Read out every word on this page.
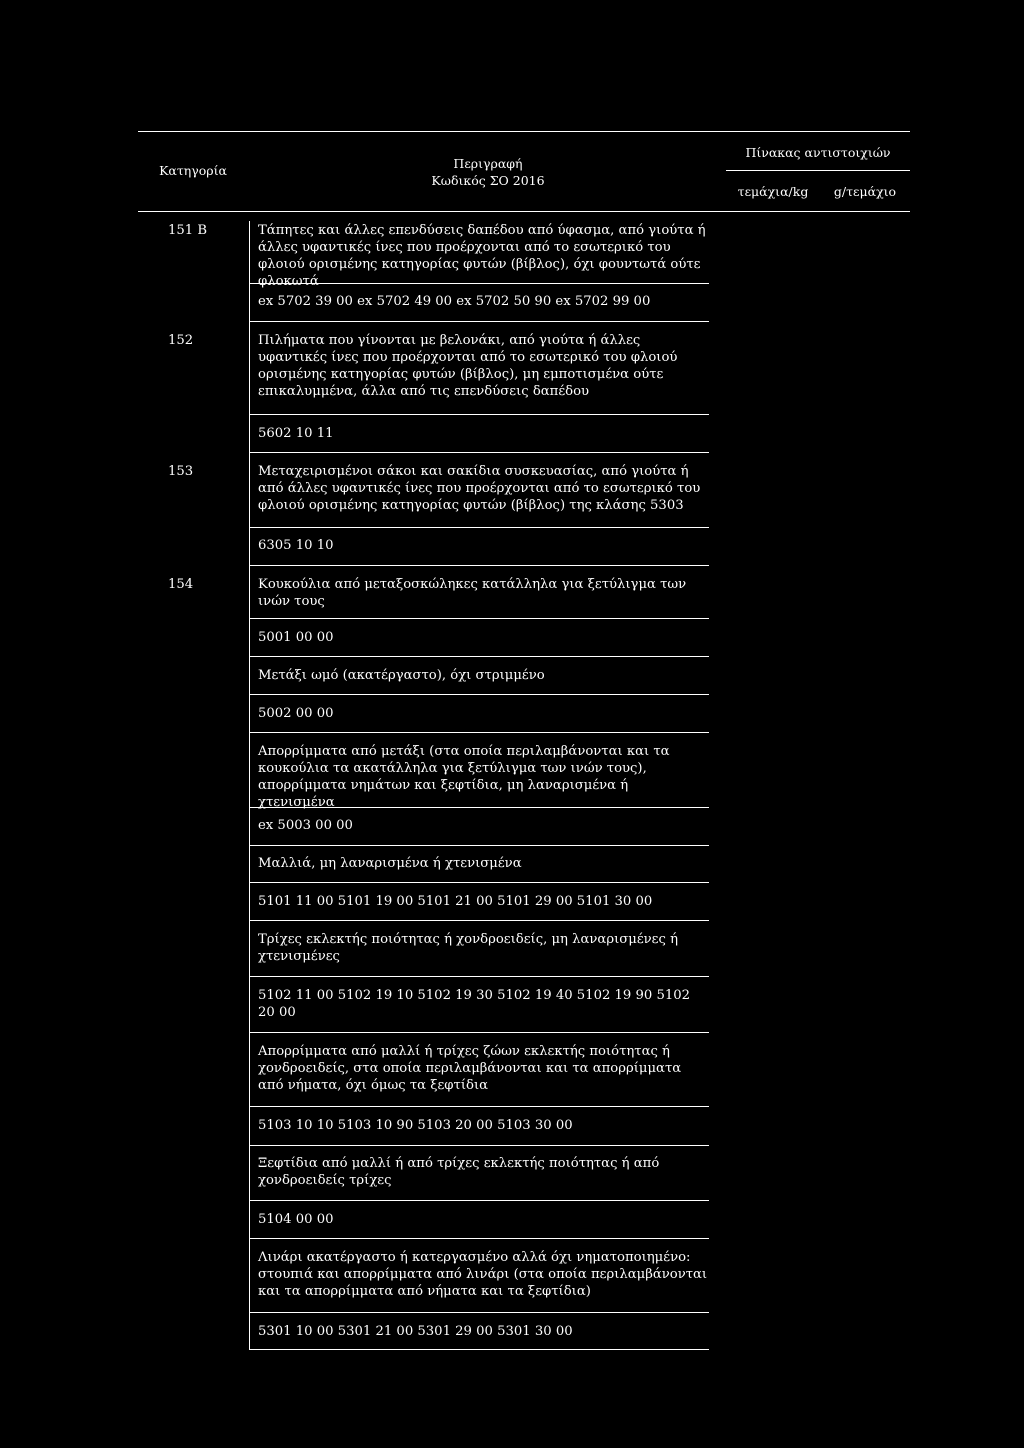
Κατηγορία	Περιγραφή
Κωδικός ΣΟ 2016
Πίνακας αντιστοιχιών
τεμάχια/kg	g/τεμάχιο
151 B	Τάπητες και άλλες επενδύσεις δαπέδου από ύφασμα, από γιούτα ή άλλες υφαντικές ίνες που προέρχονται από το εσωτερικό του φλοιού ορισμένης κατηγορίας φυτών (βίβλος), όχι φουντωτά ούτε φλοκωτά
ex 5702 39 00 ex 5702 49 00 ex 5702 50 90 ex 5702 99 00
152	Πιλήματα που γίνονται με βελονάκι, από γιούτα ή άλλες υφαντικές ίνες που προέρχονται από το εσωτερικό του φλοιού ορισμένης κατηγορίας φυτών (βίβλος), μη εμποτισμένα ούτε επικαλυμμένα, άλλα από τις επενδύσεις δαπέδου
5602 10 11
153	Μεταχειρισμένοι σάκοι και σακίδια συσκευασίας, από γιούτα ή από άλλες υφαντικές ίνες που προέρχονται από το εσωτερικό του φλοιού ορισμένης κατηγορίας φυτών (βίβλος) της κλάσης 5303
6305 10 10
154	Κουκούλια από μεταξοσκώληκες κατάλληλα για ξετύλιγμα των ινών τους
5001 00 00
Μετάξι ωμό (ακατέργαστο), όχι στριμμένο
5002 00 00
Απορρίμματα από μετάξι (στα οποία περιλαμβάνονται και τα κουκούλια τα ακατάλληλα για ξετύλιγμα των ινών τους), απορρίμματα νημάτων και ξεφτίδια, μη λαναρισμένα ή χτενισμένα
ex 5003 00 00
Μαλλιά, μη λαναρισμένα ή χτενισμένα
5101 11 00 5101 19 00 5101 21 00 5101 29 00 5101 30 00
Τρίχες εκλεκτής ποιότητας ή χονδροειδείς, μη λαναρισμένες ή χτενισμένες
5102 11 00 5102 19 10 5102 19 30 5102 19 40 5102 19 90 5102 20 00
Απορρίμματα από μαλλί ή τρίχες ζώων εκλεκτής ποιότητας ή χονδροειδείς, στα οποία περιλαμβάνονται και τα απορρίμματα από νήματα, όχι όμως τα ξεφτίδια
5103 10 10 5103 10 90 5103 20 00 5103 30 00
Ξεφτίδια από μαλλί ή από τρίχες εκλεκτής ποιότητας ή από χονδροειδείς τρίχες
5104 00 00
Λινάρι ακατέργαστο ή κατεργασμένο αλλά όχι νηματοποιημένο: στουπιά και απορρίμματα από λινάρι (στα οποία περιλαμβάνονται και τα απορρίμματα από νήματα και τα ξεφτίδια)
5301 10 00 5301 21 00 5301 29 00 5301 30 00
